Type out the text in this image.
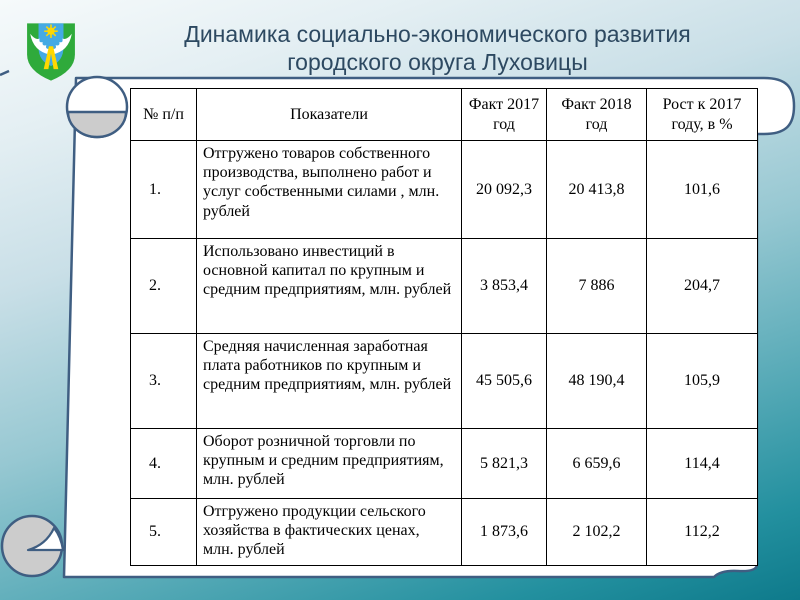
Динамика социально-экономического развития
городского округа Луховицы
№ п/п	Показатели	Факт 2017 год	Факт 2018 год	Рост к 2017 году, в %
1.	Отгружено товаров собственного производства, выполнено работ и услуг собственными силами , млн. рублей	20 092,3	20 413,8	101,6
2.	Использовано инвестиций в основной капитал по крупным и средним предприятиям, млн. рублей	3 853,4	7 886	204,7
3.	Средняя начисленная заработная плата работников по крупным и средним предприятиям, млн. рублей	45 505,6	48 190,4	105,9
4.	Оборот розничной торговли по крупным и средним предприятиям, млн. рублей	5 821,3	6 659,6	114,4
5.	Отгружено продукции сельского хозяйства в фактических ценах, млн. рублей	1 873,6	2 102,2	112,2
